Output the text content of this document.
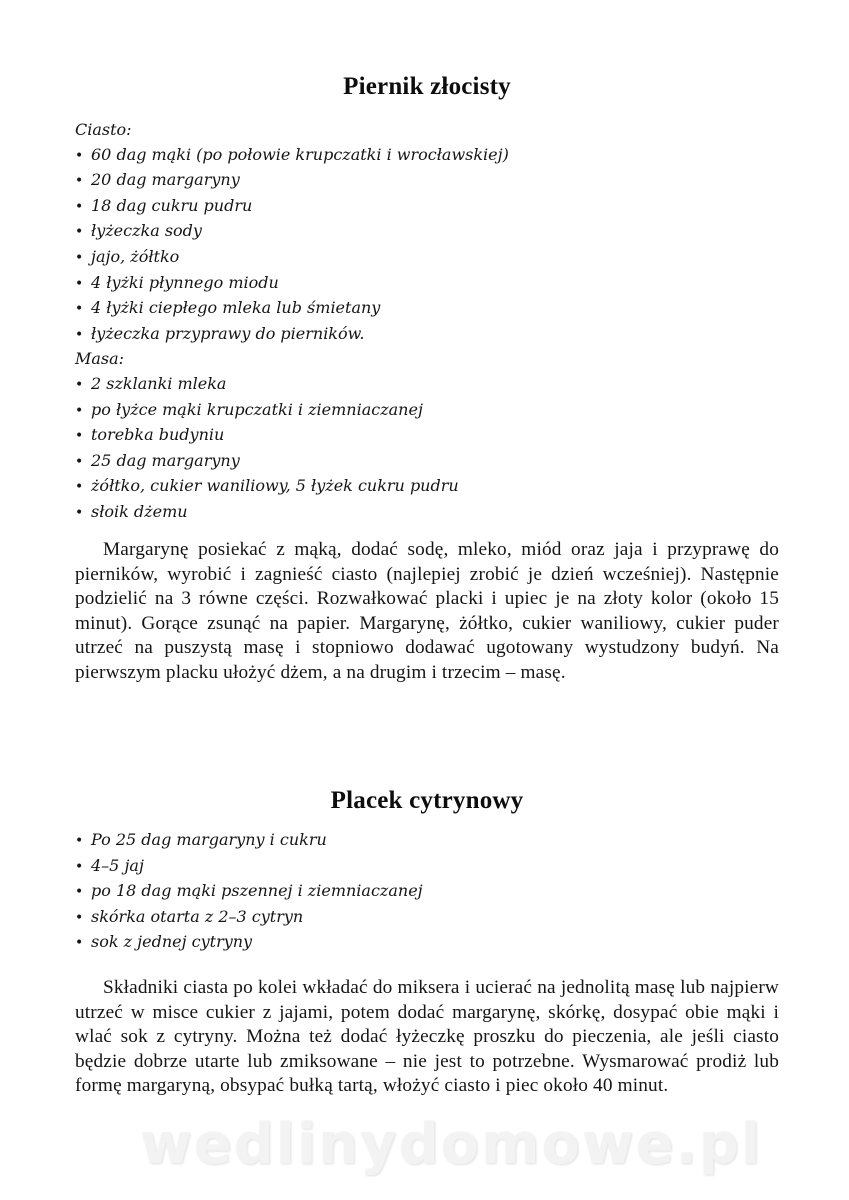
wedlinydomowe.pl
Piernik złocisty
Ciasto:
• 60 dag mąki (po połowie krupczatki i wrocławskiej)
• 20 dag margaryny
• 18 dag cukru pudru
• łyżeczka sody
• jajo, żółtko
• 4 łyżki płynnego miodu
• 4 łyżki ciepłego mleka lub śmietany
• łyżeczka przyprawy do pierników.
Masa:
• 2 szklanki mleka
• po łyżce mąki krupczatki i ziemniaczanej
• torebka budyniu
• 25 dag margaryny
• żółtko, cukier waniliowy, 5 łyżek cukru pudru
• słoik dżemu

Margarynę posiekać z mąką, dodać sodę, mleko, miód oraz jaja i przyprawę do pierników, wyrobić i zagnieść ciasto (najlepiej zrobić je dzień wcześniej). Następnie podzielić na 3 równe części. Rozwałkować placki i upiec je na złoty kolor (około 15 minut). Gorące zsunąć na papier. Margarynę, żółtko, cukier waniliowy, cukier puder utrzeć na puszystą masę i stopniowo dodawać ugotowany wystudzony budyń. Na pierwszym placku ułożyć dżem, a na drugim i trzecim – masę.

Placek cytrynowy
• Po 25 dag margaryny i cukru
• 4–5 jaj
• po 18 dag mąki pszennej i ziemniaczanej
• skórka otarta z 2–3 cytryn
• sok z jednej cytryny

Składniki ciasta po kolei wkładać do miksera i ucierać na jednolitą masę lub najpierw utrzeć w misce cukier z jajami, potem dodać margarynę, skórkę, dosypać obie mąki i wlać sok z cytryny. Można też dodać łyżeczkę proszku do pieczenia, ale jeśli ciasto będzie dobrze utarte lub zmiksowane – nie jest to potrzebne. Wysmarować prodiż lub formę margaryną, obsypać bułką tartą, włożyć ciasto i piec około 40 minut.
